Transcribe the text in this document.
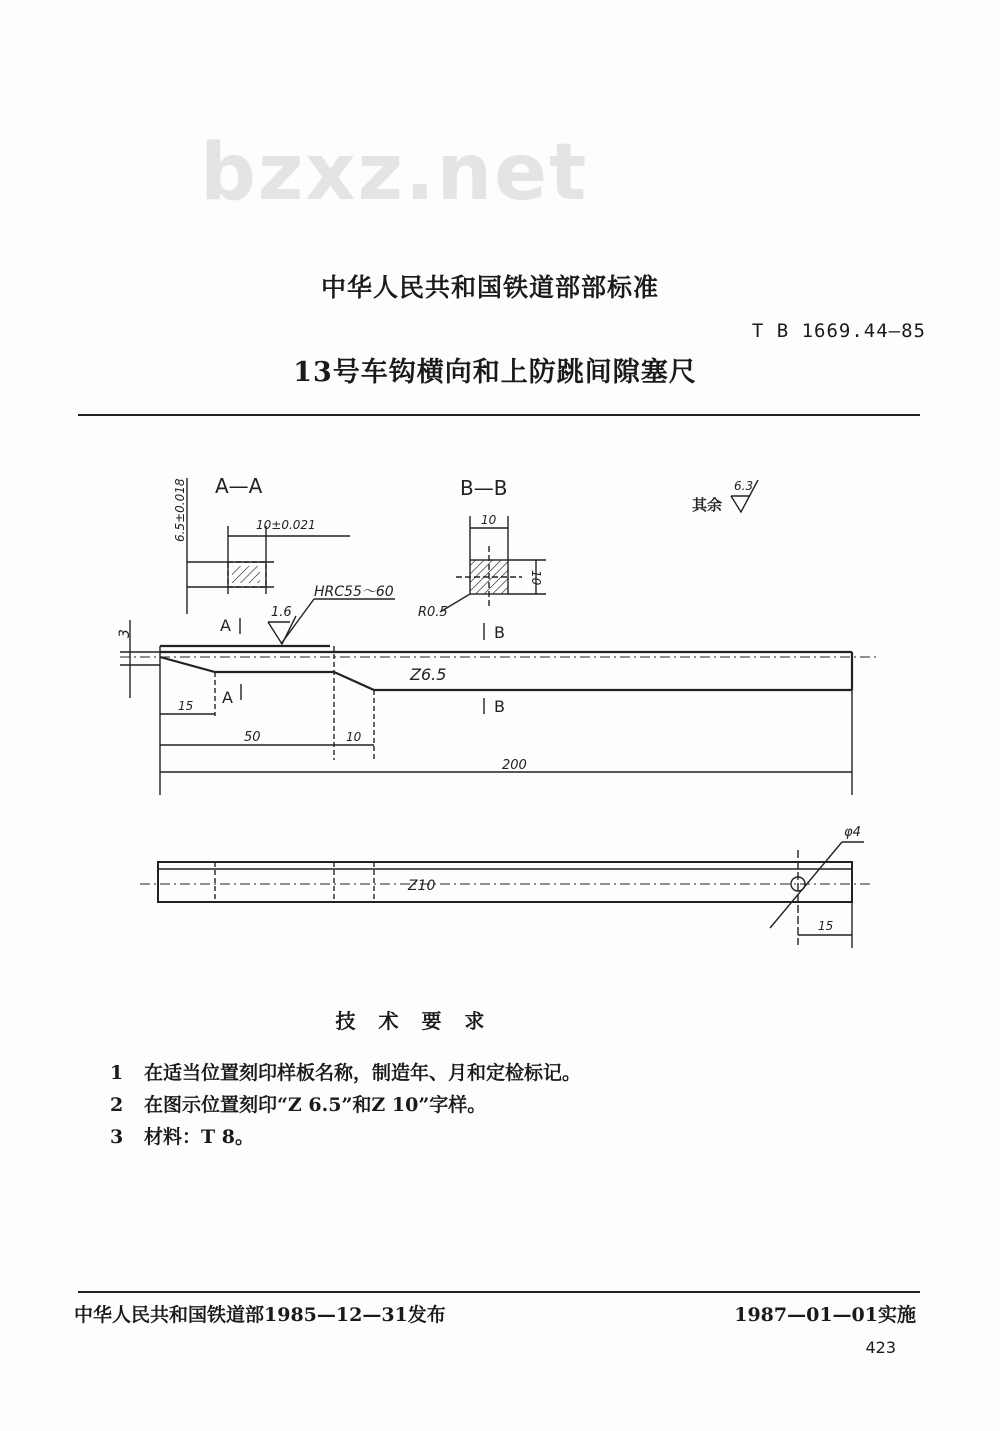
bzxz.net
中华人民共和国铁道部部标准
T B 1669.44—85
13号车钩横向和上防跳间隙塞尺
A—A
6.5±0.018	10±0.021
B—B
10
10
R0.5
其余
6.3
HRC55～60
1.6
3	A
A
B
B
Z6.5
15
50	10
200
Z10
φ4
15
技 术 要 求
1 在适当位置刻印样板名称，制造年、月和定检标记。
2 在图示位置刻印“Z 6.5”和Z 10”字样。
3 材料：T 8。
中华人民共和国铁道部1985—12—31发布	1987—01—01实施
423
